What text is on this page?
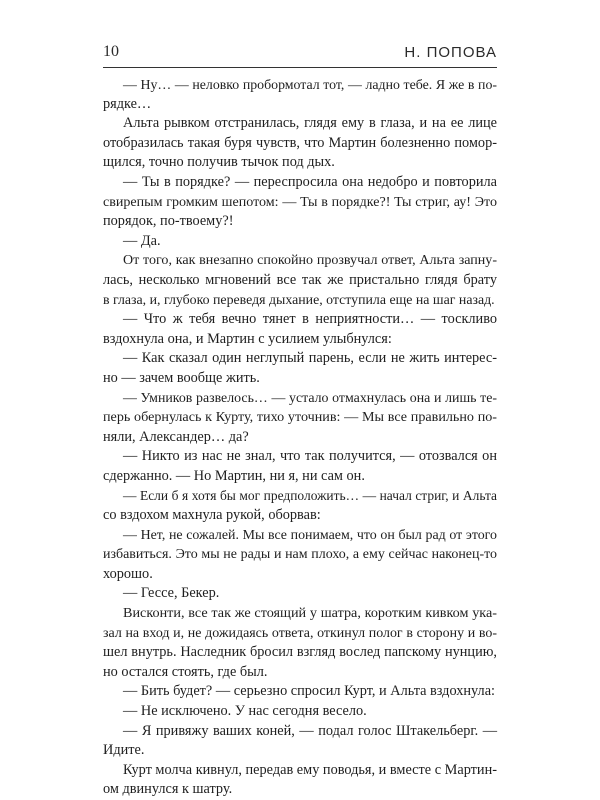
10	Н. ПОПОВА
— Ну… — неловко пробормотал тот, — ладно тебе. Я же в по-
рядке…
Альта рывком отстранилась, глядя ему в глаза, и на ее лице
отобразилась такая буря чувств, что Мартин болезненно помор-
щился, точно получив тычок под дых.
— Ты в порядке? — переспросила она недобро и повторила
свирепым громким шепотом: — Ты в порядке?! Ты стриг, ау! Это
порядок, по-твоему?!
— Да.
От того, как внезапно спокойно прозвучал ответ, Альта запну-
лась, несколько мгновений все так же пристально глядя брату
в глаза, и, глубоко переведя дыхание, отступила еще на шаг назад.
— Что ж тебя вечно тянет в неприятности… — тоскливо
вздохнула она, и Мартин с усилием улыбнулся:
— Как сказал один неглупый парень, если не жить интерес-
но — зачем вообще жить.
— Умников развелось… — устало отмахнулась она и лишь те-
перь обернулась к Курту, тихо уточнив: — Мы все правильно по-
няли, Александер… да?
— Никто из нас не знал, что так получится, — отозвался он
сдержанно. — Но Мартин, ни я, ни сам он.
— Если б я хотя бы мог предположить… — начал стриг, и Альта
со вздохом махнула рукой, оборвав:
— Нет, не сожалей. Мы все понимаем, что он был рад от этого
избавиться. Это мы не рады и нам плохо, а ему сейчас наконец-то
хорошо.
— Гессе, Бекер.
Висконти, все так же стоящий у шатра, коротким кивком ука-
зал на вход и, не дожидаясь ответа, откинул полог в сторону и во-
шел внутрь. Наследник бросил взгляд вослед папскому нунцию,
но остался стоять, где был.
— Бить будет? — серьезно спросил Курт, и Альта вздохнула:
— Не исключено. У нас сегодня весело.
— Я привяжу ваших коней, — подал голос Штакельберг. —
Идите.
Курт молча кивнул, передав ему поводья, и вместе с Мартин-
ом двинулся к шатру.
